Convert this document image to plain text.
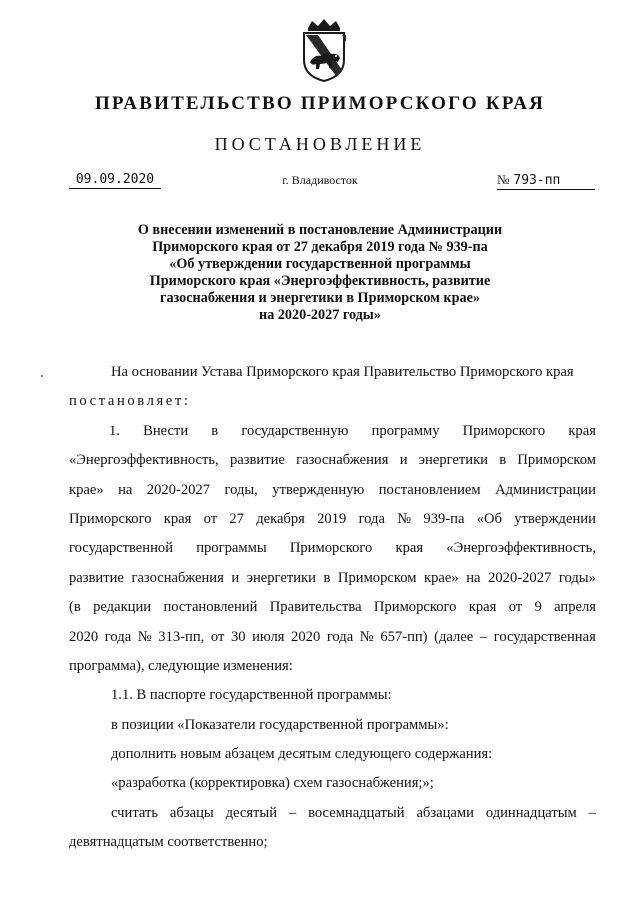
ПРАВИТЕЛЬСТВО ПРИМОРСКОГО КРАЯ
ПОСТАНОВЛЕНИЕ
09.09.2020	г. Владивосток	№ 793-пп
О внесении изменений в постановление Администрации
Приморского края от 27 декабря 2019 года № 939-па
«Об утверждении государственной программы
Приморского края «Энергоэффективность, развитие
газоснабжения и энергетики в Приморском крае»
на 2020-2027 годы»
На основании Устава Приморского края Правительство Приморского края
постановляет:
1. Внести в государственную программу Приморского края
«Энергоэффективность, развитие газоснабжения и энергетики в Приморском
крае» на 2020-2027 годы, утвержденную постановлением Администрации
Приморского края от 27 декабря 2019 года № 939-па «Об утверждении
государственной программы Приморского края «Энергоэффективность,
развитие газоснабжения и энергетики в Приморском крае» на 2020-2027 годы»
(в редакции постановлений Правительства Приморского края от 9 апреля
2020 года № 313-пп, от 30 июля 2020 года № 657-пп) (далее – государственная
программа), следующие изменения:
1.1. В паспорте государственной программы:
в позиции «Показатели государственной программы»:
дополнить новым абзацем десятым следующего содержания:
«разработка (корректировка) схем газоснабжения;»;
считать абзацы десятый – восемнадцатый абзацами одиннадцатым –
девятнадцатым соответственно;
